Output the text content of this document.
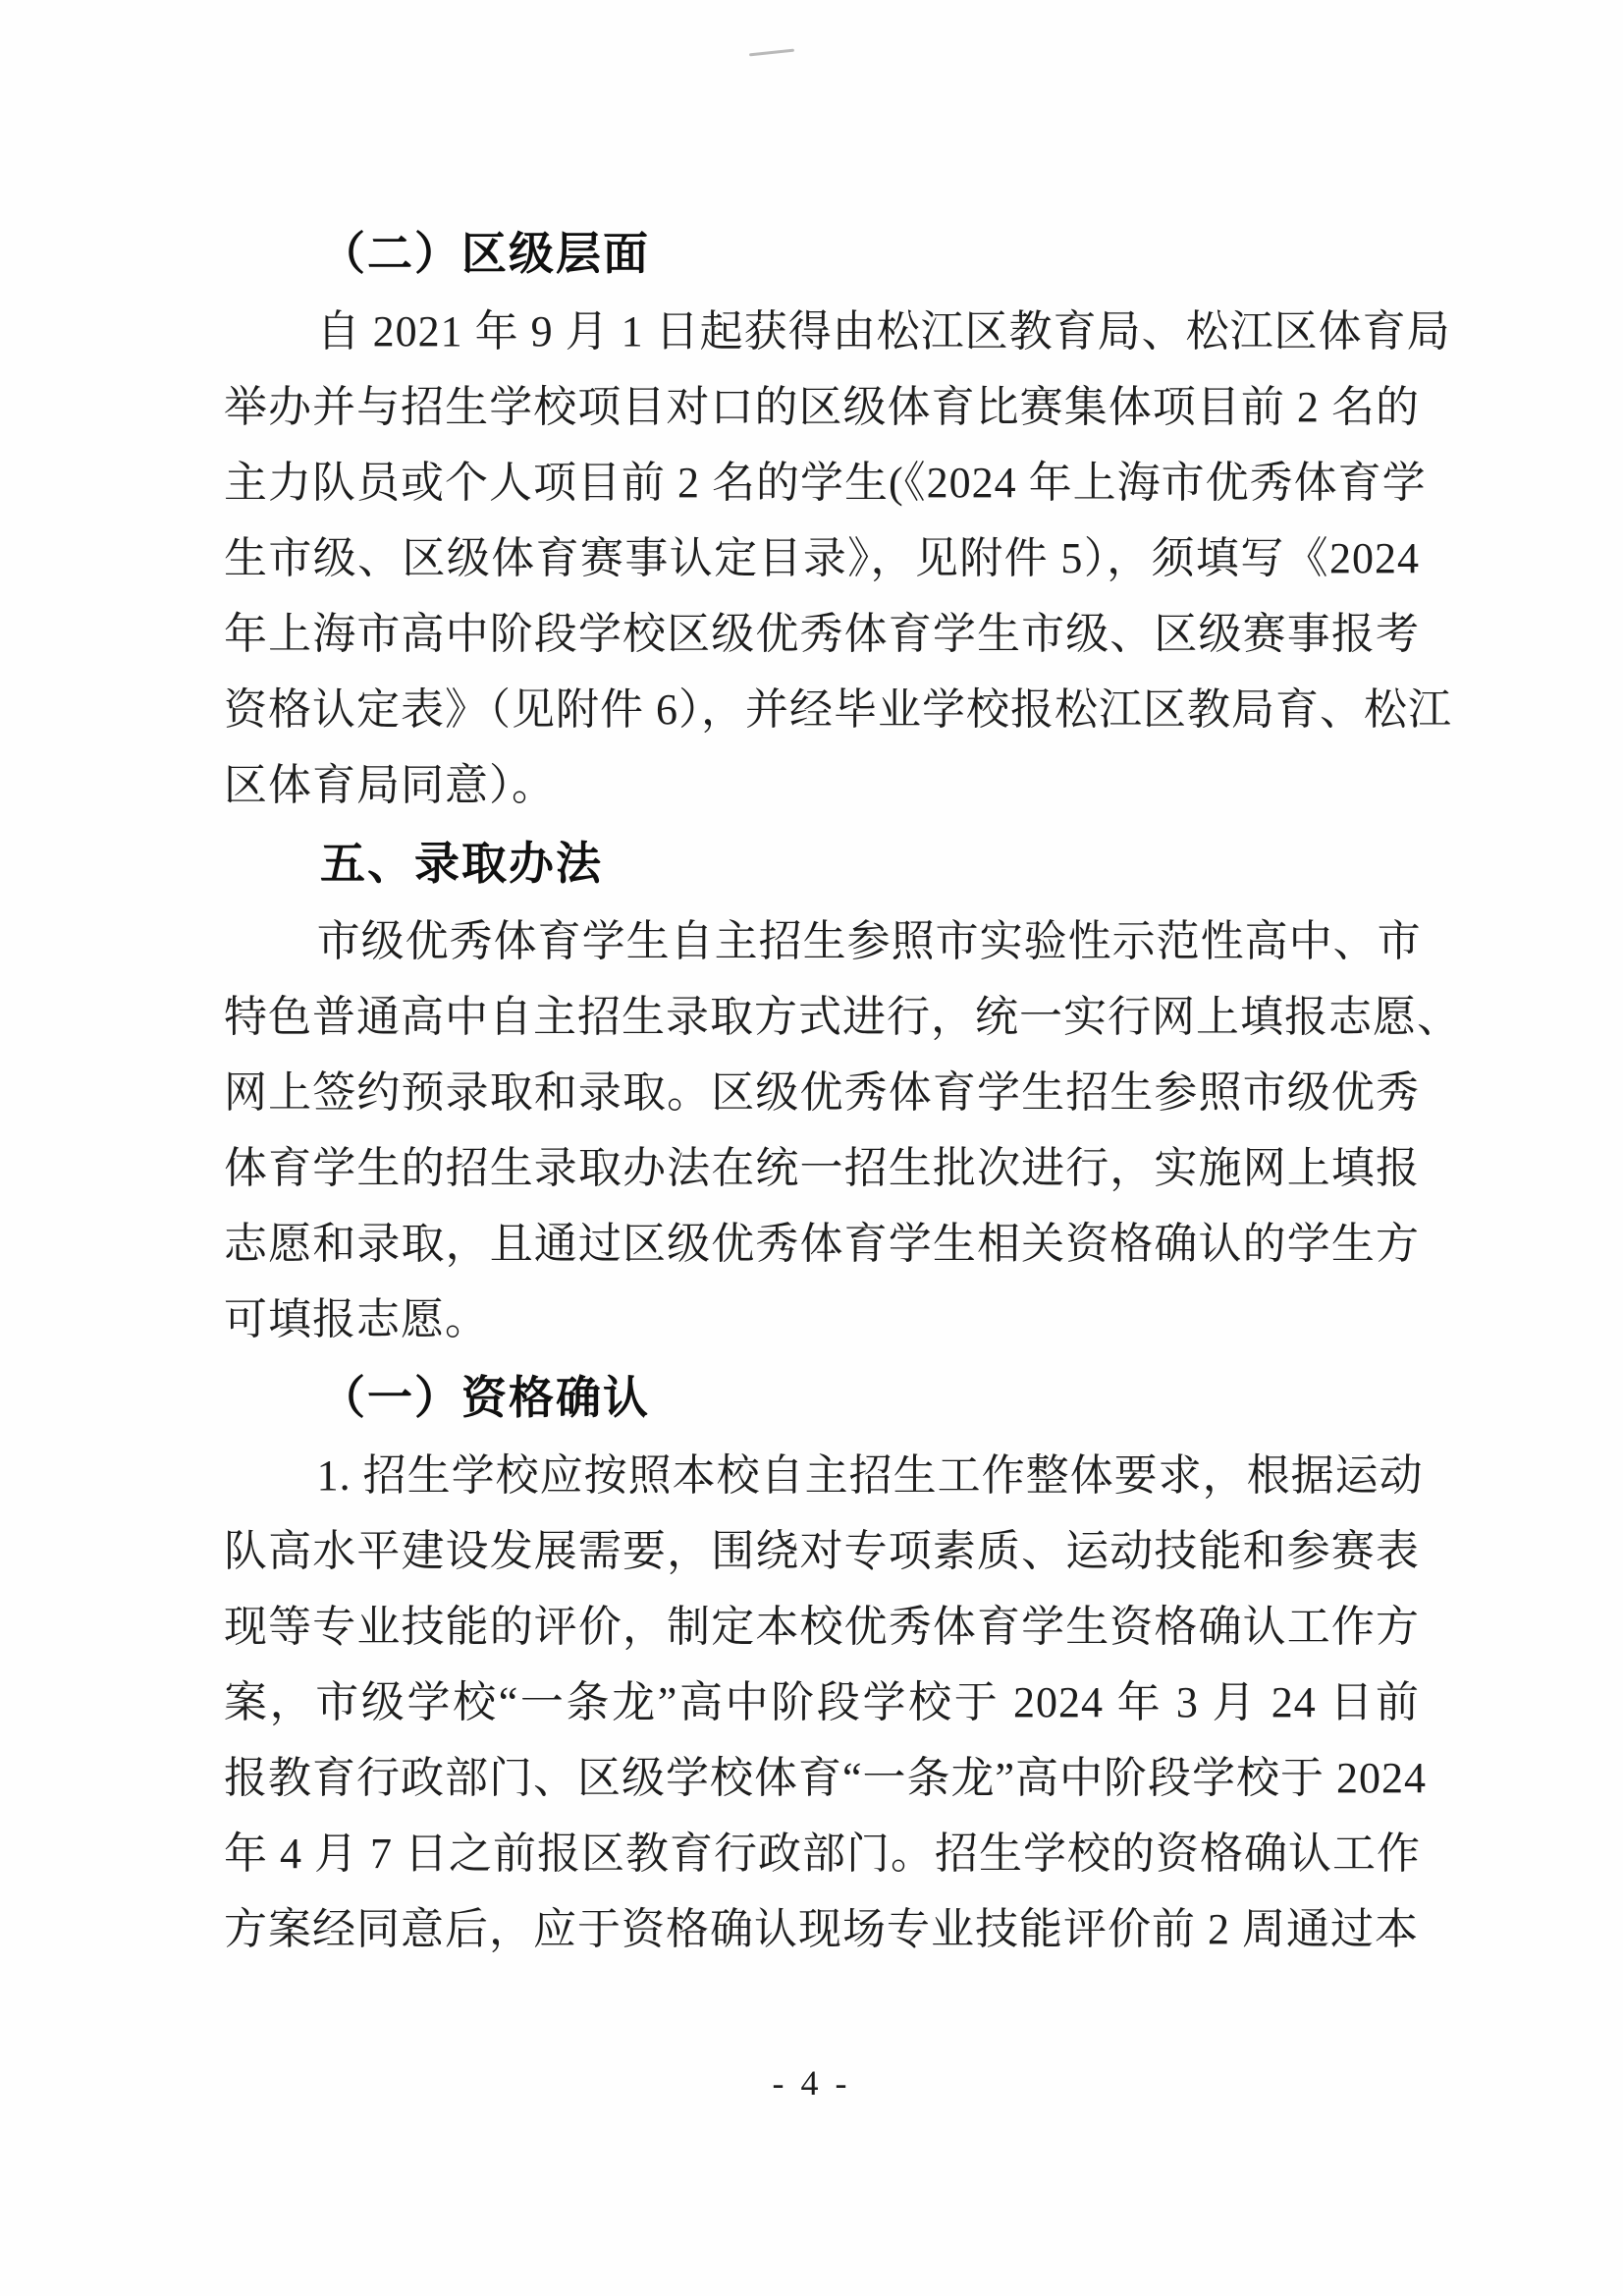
（二）区级层面
自 2021 年 9 月 1 日起获得由松江区教育局、松江区体育局
举办并与招生学校项目对口的区级体育比赛集体项目前 2 名的
主力队员或个人项目前 2 名的学生(《2024 年上海市优秀体育学
生市级、区级体育赛事认定目录》，见附件 5），须填写《2024
年上海市高中阶段学校区级优秀体育学生市级、区级赛事报考
资格认定表》（见附件 6），并经毕业学校报松江区教局育、松江
区体育局同意）。
五、录取办法
市级优秀体育学生自主招生参照市实验性示范性高中、市
特色普通高中自主招生录取方式进行，统一实行网上填报志愿、
网上签约预录取和录取。区级优秀体育学生招生参照市级优秀
体育学生的招生录取办法在统一招生批次进行，实施网上填报
志愿和录取，且通过区级优秀体育学生相关资格确认的学生方
可填报志愿。
（一）资格确认
1. 招生学校应按照本校自主招生工作整体要求，根据运动
队高水平建设发展需要，围绕对专项素质、运动技能和参赛表
现等专业技能的评价，制定本校优秀体育学生资格确认工作方
案，市级学校“一条龙”高中阶段学校于 2024 年 3 月 24 日前
报教育行政部门、区级学校体育“一条龙”高中阶段学校于 2024
年 4 月 7 日之前报区教育行政部门。招生学校的资格确认工作
方案经同意后，应于资格确认现场专业技能评价前 2 周通过本
- 4 -
